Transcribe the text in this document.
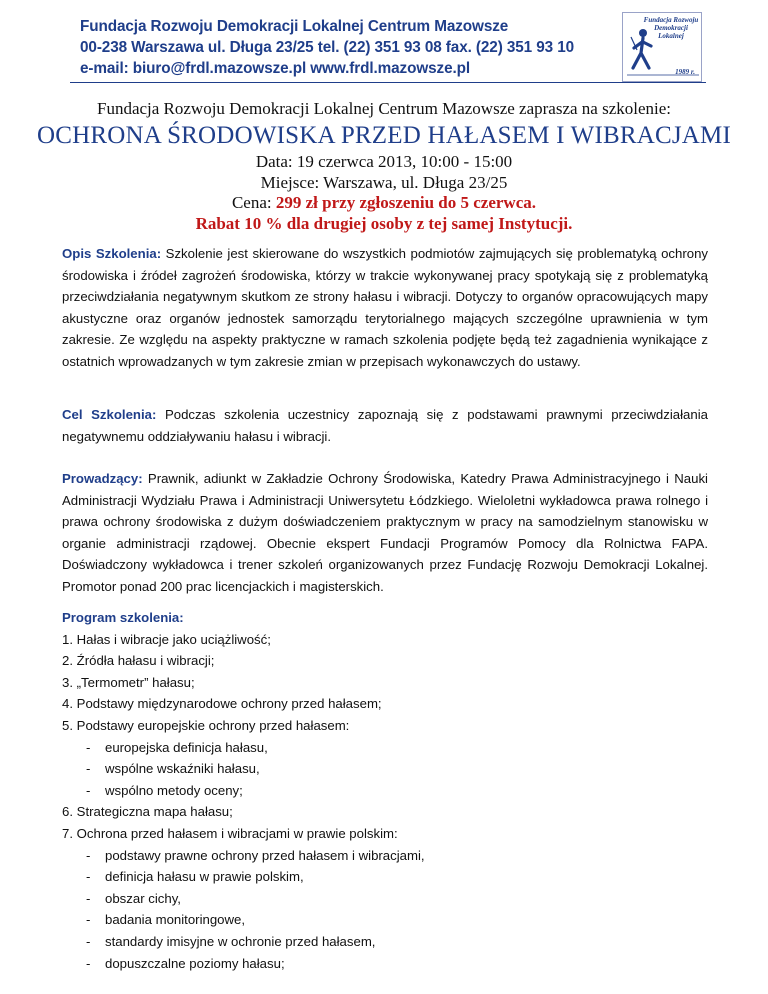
Fundacja Rozwoju Demokracji Lokalnej Centrum Mazowsze
00-238 Warszawa ul. Długa 23/25 tel. (22) 351 93 08 fax. (22) 351 93 10
e-mail: biuro@frdl.mazowsze.pl www.frdl.mazowsze.pl
Fundacja Rozwoju Demokracji Lokalnej
1989 r.
Fundacja Rozwoju Demokracji Lokalnej Centrum Mazowsze zaprasza na szkolenie:
OCHRONA ŚRODOWISKA PRZED HAŁASEM I WIBRACJAMI
Data: 19 czerwca 2013, 10:00 - 15:00
Miejsce: Warszawa, ul. Długa 23/25
Cena: 299 zł przy zgłoszeniu do 5 czerwca.
Rabat 10 % dla drugiej osoby z tej samej Instytucji.
Opis Szkolenia: Szkolenie jest skierowane do wszystkich podmiotów zajmujących się problematyką ochrony środowiska i źródeł zagrożeń środowiska, którzy w trakcie wykonywanej pracy spotykają się z problematyką przeciwdziałania negatywnym skutkom ze strony hałasu i wibracji. Dotyczy to organów opracowujących mapy akustyczne oraz organów jednostek samorządu terytorialnego mających szczególne uprawnienia w tym zakresie. Ze względu na aspekty praktyczne w ramach szkolenia podjęte będą też zagadnienia wynikające z ostatnich wprowadzanych w tym zakresie zmian w przepisach wykonawczych do ustawy.
Cel Szkolenia: Podczas szkolenia uczestnicy zapoznają się z podstawami prawnymi przeciwdziałania negatywnemu oddziaływaniu hałasu i wibracji.
Prowadzący: Prawnik, adiunkt w Zakładzie Ochrony Środowiska, Katedry Prawa Administracyjnego i Nauki Administracji Wydziału Prawa i Administracji Uniwersytetu Łódzkiego. Wieloletni wykładowca prawa rolnego i prawa ochrony środowiska z dużym doświadczeniem praktycznym w pracy na samodzielnym stanowisku w organie administracji rządowej. Obecnie ekspert Fundacji Programów Pomocy dla Rolnictwa FAPA. Doświadczony wykładowca i trener szkoleń organizowanych przez Fundację Rozwoju Demokracji Lokalnej. Promotor ponad 200 prac licencjackich i magisterskich.
Program szkolenia:
1. Hałas i wibracje jako uciążliwość;
2. Źródła hałasu i wibracji;
3. „Termometr” hałasu;
4. Podstawy międzynarodowe ochrony przed hałasem;
5. Podstawy europejskie ochrony przed hałasem:
- europejska definicja hałasu,
- wspólne wskaźniki hałasu,
- wspólno metody oceny;
6. Strategiczna mapa hałasu;
7. Ochrona przed hałasem i wibracjami w prawie polskim:
- podstawy prawne ochrony przed hałasem i wibracjami,
- definicja hałasu w prawie polskim,
- obszar cichy,
- badania monitoringowe,
- standardy imisyjne w ochronie przed hałasem,
- dopuszczalne poziomy hałasu;
